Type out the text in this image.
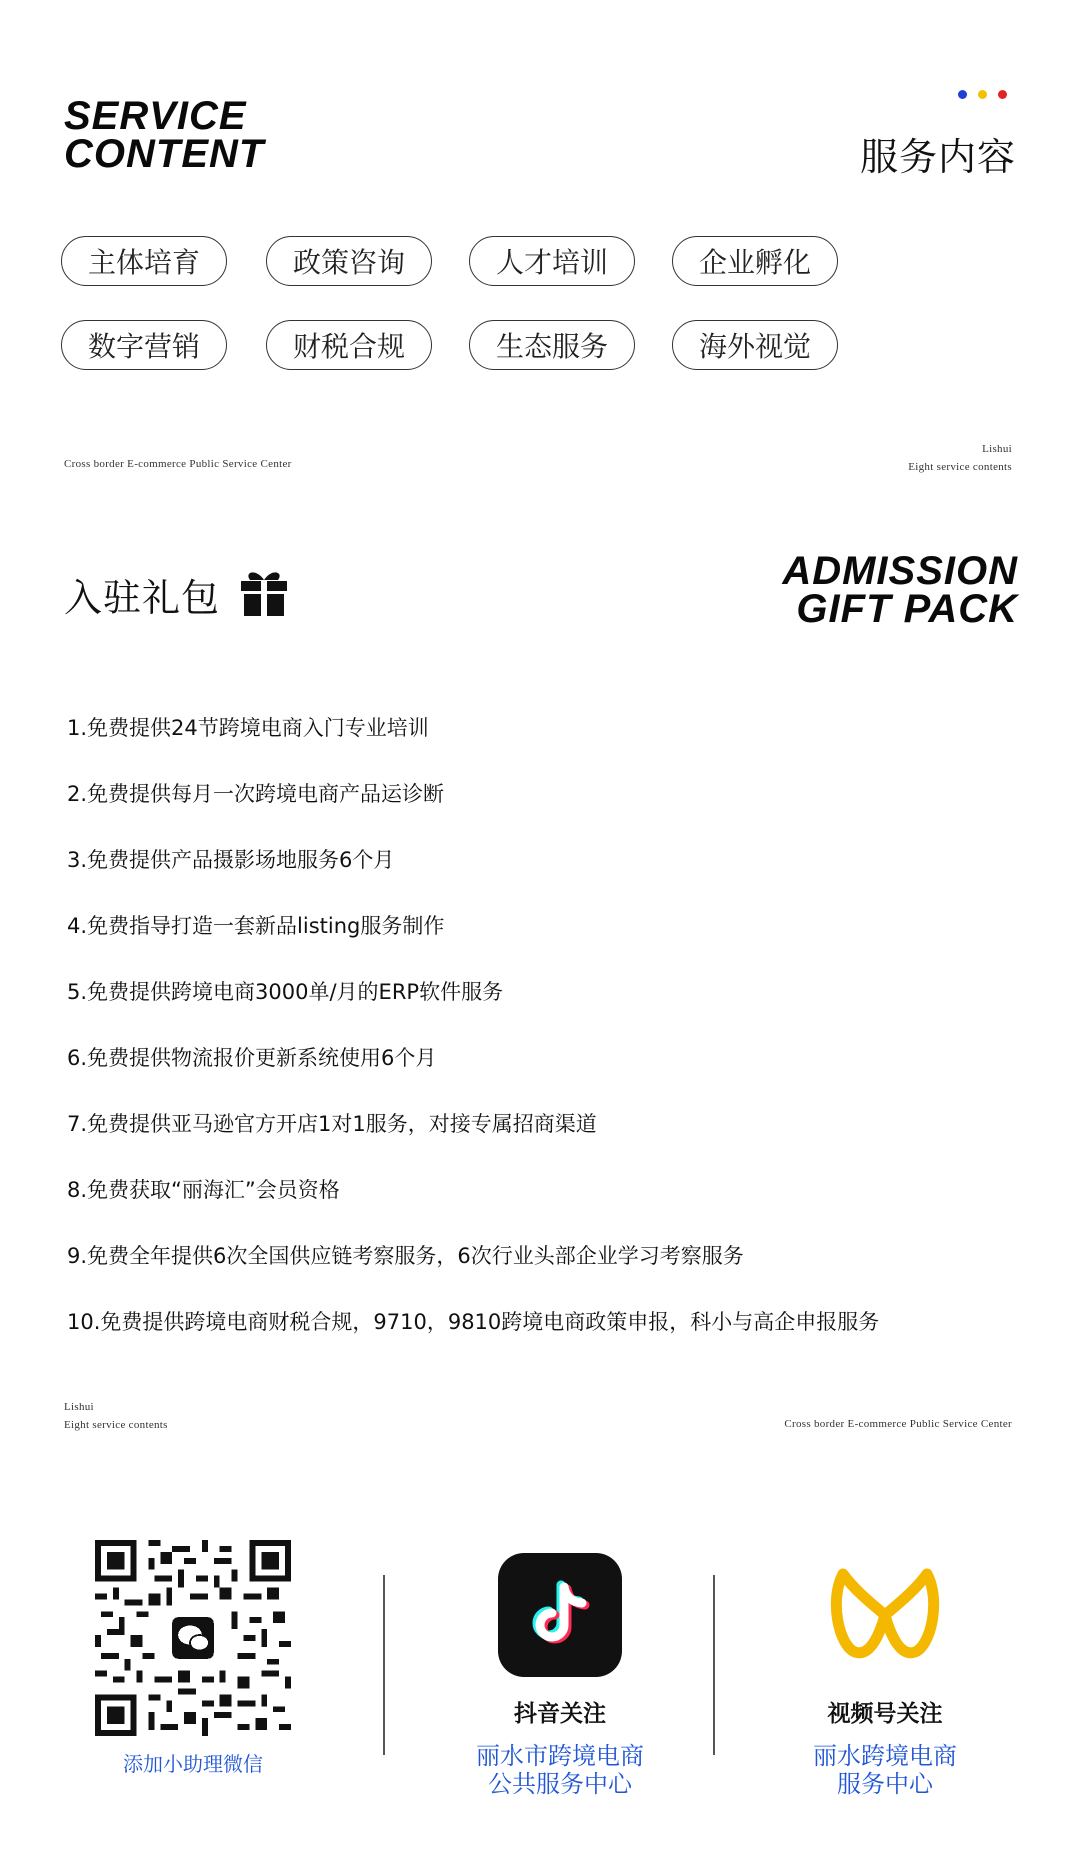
SERVICE
CONTENT	服务内容
主体培育	政策咨询	人才培训	企业孵化
数字营销	财税合规	生态服务	海外视觉
Cross border E-commerce Public Service Center
Lishui
Eight service contents
入驻礼包
ADMISSION
GIFT PACK
1.免费提供24节跨境电商入门专业培训
2.免费提供每月一次跨境电商产品运诊断
3.免费提供产品摄影场地服务6个月
4.免费指导打造一套新品listing服务制作
5.免费提供跨境电商3000单/月的ERP软件服务
6.免费提供物流报价更新系统使用6个月
7.免费提供亚马逊官方开店1对1服务，对接专属招商渠道
8.免费获取“丽海汇”会员资格
9.免费全年提供6次全国供应链考察服务，6次行业头部企业学习考察服务
10.免费提供跨境电商财税合规，9710，9810跨境电商政策申报，科小与高企申报服务
Lishui
Eight service contents	Cross border E-commerce Public Service Center
添加小助理微信
抖音关注
丽水市跨境电商
公共服务中心
视频号关注
丽水跨境电商
服务中心
